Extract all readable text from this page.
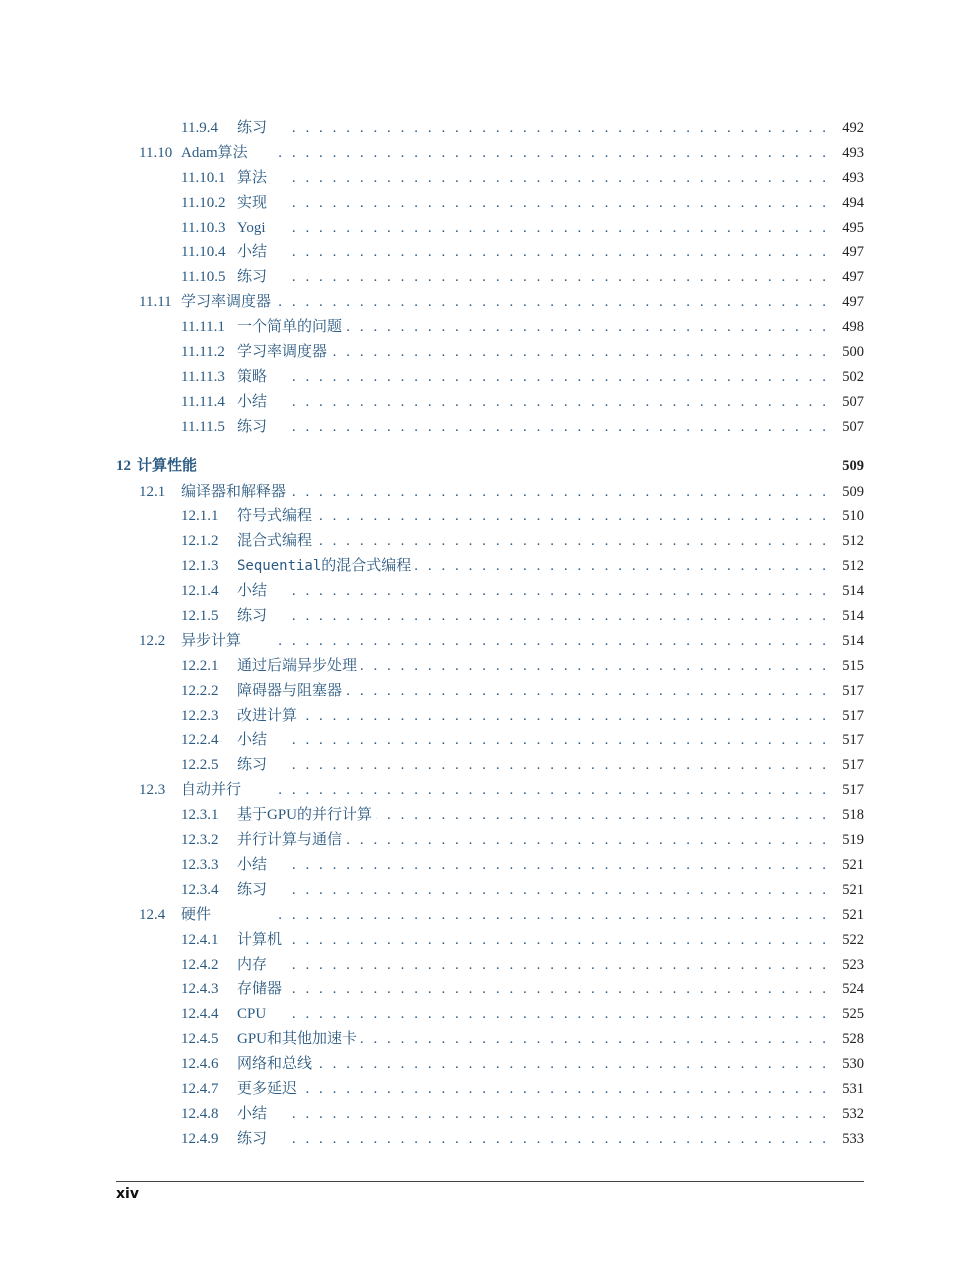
11.9.4 . . . 练习	492
11.10 . . . Adam算法	493
11.10.1 . . . 算法	493
11.10.2 . . . 实现	494
11.10.3 . . . Yogi	495
11.10.4 . . . 小结	497
11.10.5 . . . 练习	497
11.11 . . . 学习率调度器	497
11.11.1 . . . 一个简单的问题	498
11.11.2 . . . 学习率调度器	500
11.11.3 . . . 策略	502
11.11.4 . . . 小结	507
11.11.5 . . . 练习	507
12 计算性能	509
12.1 . . . 编译器和解释器	509
12.1.1 . . . 符号式编程	510
12.1.2 . . . 混合式编程	512
12.1.3 . . . Sequential的混合式编程	512
12.1.4 . . . 小结	514
12.1.5 . . . 练习	514
12.2 . . . 异步计算	514
12.2.1 . . . 通过后端异步处理	515
12.2.2 . . . 障碍器与阻塞器	517
12.2.3 . . . 改进计算	517
12.2.4 . . . 小结	517
12.2.5 . . . 练习	517
12.3 . . . 自动并行	517
12.3.1 . . . 基于GPU的并行计算	518
12.3.2 . . . 并行计算与通信	519
12.3.3 . . . 小结	521
12.3.4 . . . 练习	521
12.4 . . . 硬件	521
12.4.1 . . . 计算机	522
12.4.2 . . . 内存	523
12.4.3 . . . 存储器	524
12.4.4 . . . CPU	525
12.4.5 . . . GPU和其他加速卡	528
12.4.6 . . . 网络和总线	530
12.4.7 . . . 更多延迟	531
12.4.8 . . . 小结	532
12.4.9 . . . 练习	533
xiv
